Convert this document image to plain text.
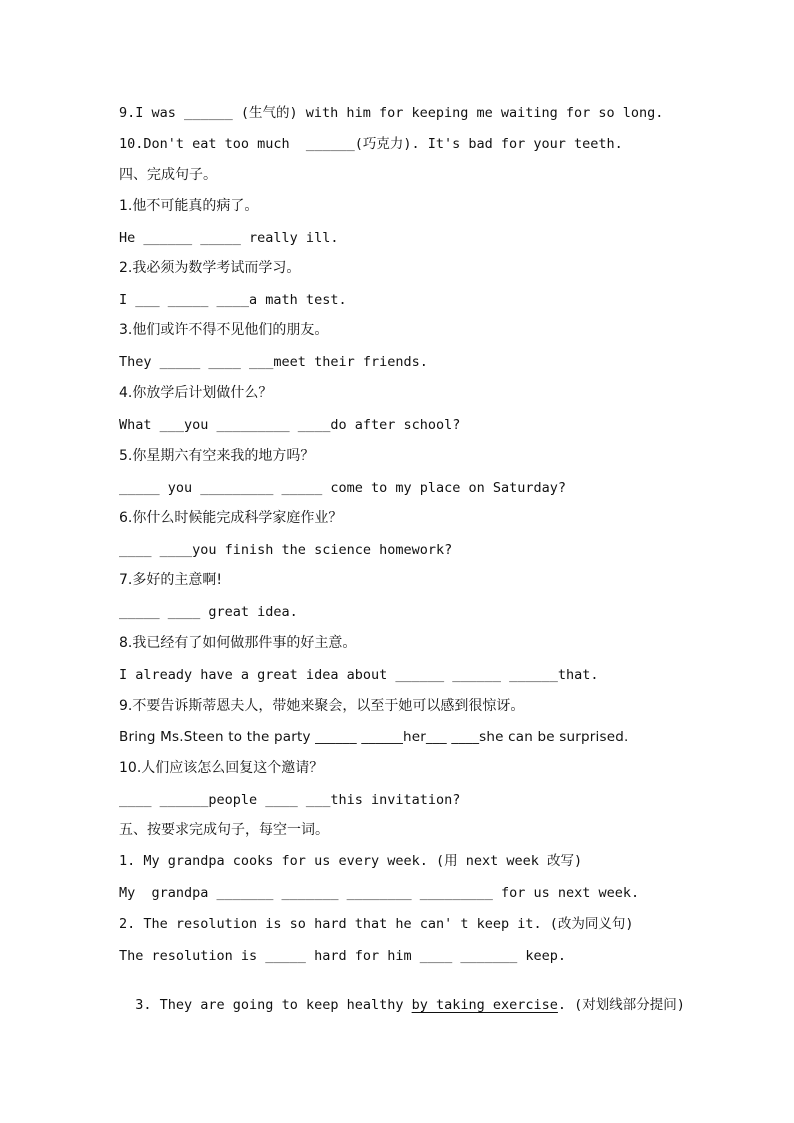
9.I was ______ (生气的) with him for keeping me waiting for so long.
10.Don't eat too much  ______(巧克力). It's bad for your teeth.
四、完成句子。
1.他不可能真的病了。
He ______ _____ really ill.
2.我必须为数学考试而学习。
I ___ _____ ____a math test.
3.他们或许不得不见他们的朋友。
They _____ ____ ___meet their friends.
4.你放学后计划做什么？
What ___you _________ ____do after school?
5.你星期六有空来我的地方吗？
_____ you _________ _____ come to my place on Saturday?
6.你什么时候能完成科学家庭作业？
____ ____you finish the science homework?
7.多好的主意啊!
_____ ____ great idea.
8.我已经有了如何做那件事的好主意。
I already have a great idea about ______ ______ ______that.
9.不要告诉斯蒂恩夫人，带她来聚会，以至于她可以感到很惊讶。
Bring Ms.Steen to the party ______ ______her___ ____she can be surprised.
10.人们应该怎么回复这个邀请？
____ ______people ____ ___this invitation?
五、按要求完成句子，每空一词。
1. My grandpa cooks for us every week. (用 next week 改写)
My  grandpa _______ _______ ________ _________ for us next week.
2. The resolution is so hard that he can' t keep it. (改为同义句)
The resolution is _____ hard for him ____ _______ keep.

3. They are going to keep healthy by taking exercise. (对划线部分提问)
